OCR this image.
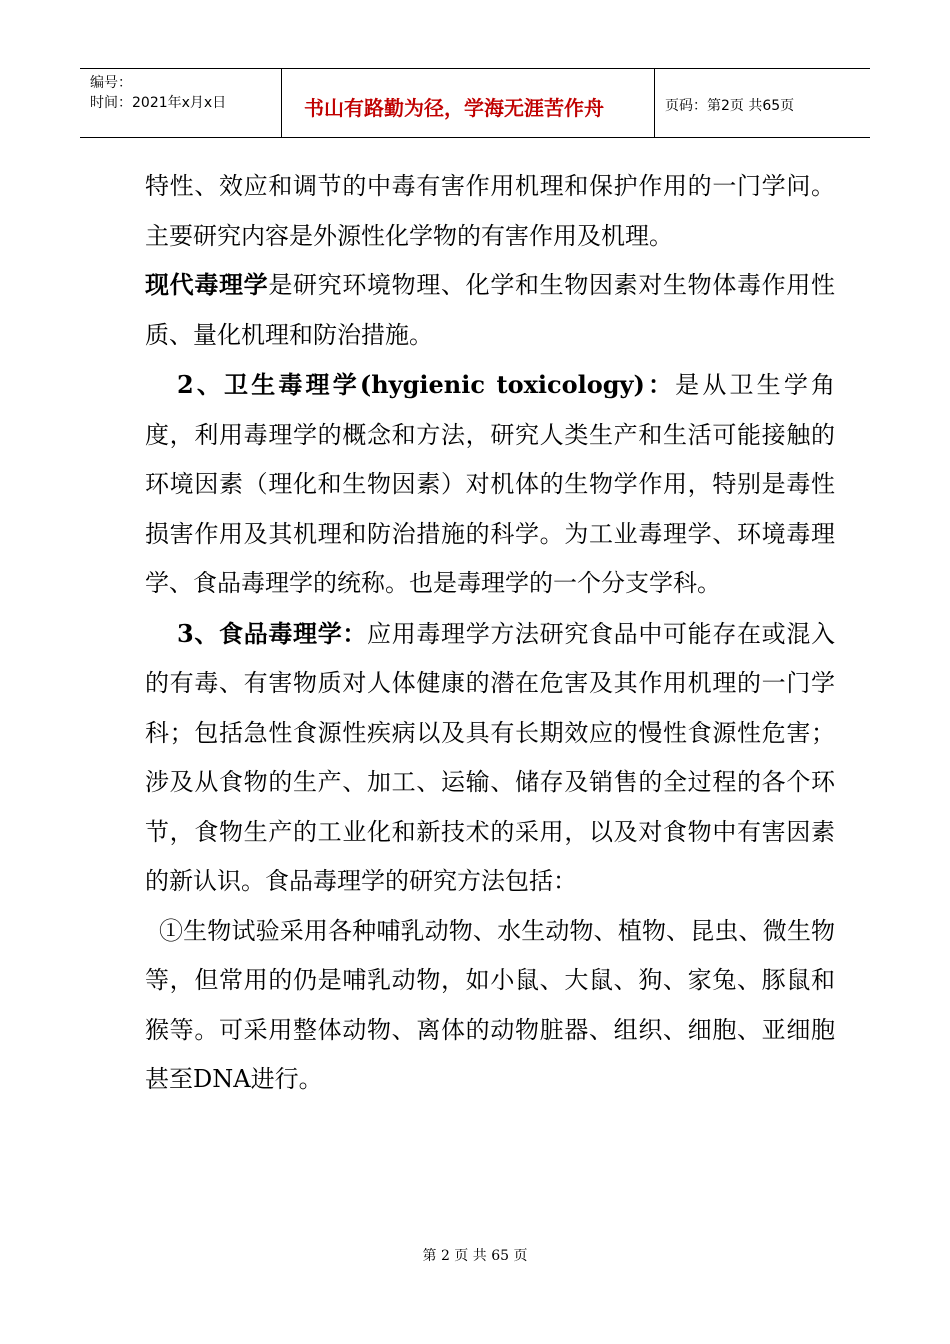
编号：
时间：2021年x月x日	书山有路勤为径，学海无涯苦作舟	页码：第2页 共65页

特性、效应和调节的中毒有害作用机理和保护作用的一门学问。主要研究内容是外源性化学物的有害作用及机理。

现代毒理学是研究环境物理、化学和生物因素对生物体毒作用性质、量化机理和防治措施。

2、卫生毒理学(hygienic toxicology)：是从卫生学角度，利用毒理学的概念和方法，研究人类生产和生活可能接触的环境因素（理化和生物因素）对机体的生物学作用，特别是毒性损害作用及其机理和防治措施的科学。为工业毒理学、环境毒理学、食品毒理学的统称。也是毒理学的一个分支学科。

3、食品毒理学：应用毒理学方法研究食品中可能存在或混入的有毒、有害物质对人体健康的潜在危害及其作用机理的一门学科；包括急性食源性疾病以及具有长期效应的慢性食源性危害；涉及从食物的生产、加工、运输、储存及销售的全过程的各个环节，食物生产的工业化和新技术的采用，以及对食物中有害因素的新认识。食品毒理学的研究方法包括：

①生物试验采用各种哺乳动物、水生动物、植物、昆虫、微生物等，但常用的仍是哺乳动物，如小鼠、大鼠、狗、家兔、豚鼠和猴等。可采用整体动物、离体的动物脏器、组织、细胞、亚细胞甚至DNA进行。

第 2 页 共 65 页
